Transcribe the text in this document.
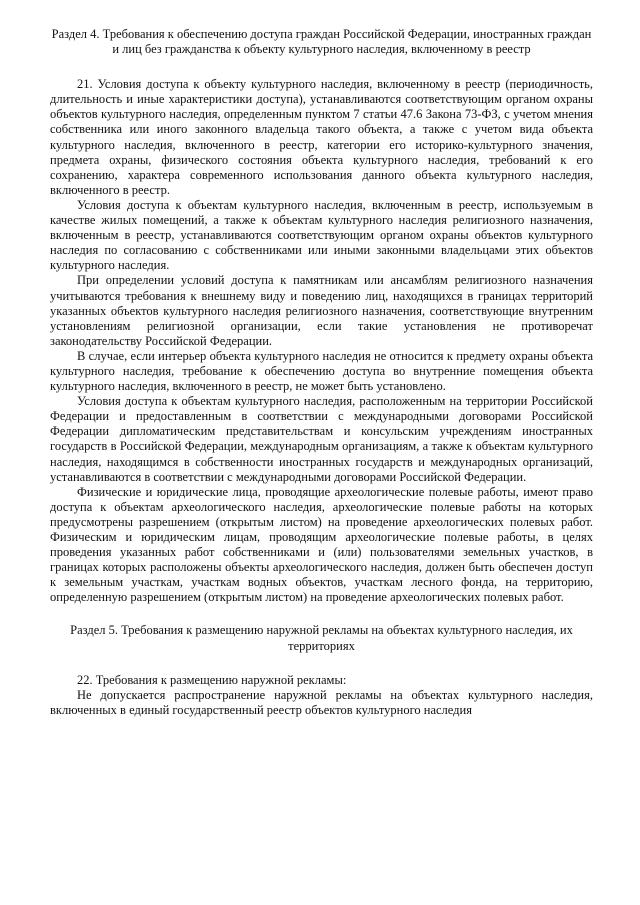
Раздел 4. Требования к обеспечению доступа граждан Российской Федерации, иностранных граждан и лиц без гражданства к объекту культурного наследия, включенному в реестр

21. Условия доступа к объекту культурного наследия, включенному в реестр (периодичность, длительность и иные характеристики доступа), устанавливаются соответствующим органом охраны объектов культурного наследия, определенным пунктом 7 статьи 47.6 Закона 73-ФЗ, с учетом мнения собственника или иного законного владельца такого объекта, а также с учетом вида объекта культурного наследия, включенного в реестр, категории его историко-культурного значения, предмета охраны, физического состояния объекта культурного наследия, требований к его сохранению, характера современного использования данного объекта культурного наследия, включенного в реестр.

Условия доступа к объектам культурного наследия, включенным в реестр, используемым в качестве жилых помещений, а также к объектам культурного наследия религиозного назначения, включенным в реестр, устанавливаются соответствующим органом охраны объектов культурного наследия по согласованию с собственниками или иными законными владельцами этих объектов культурного наследия.

При определении условий доступа к памятникам или ансамблям религиозного назначения учитываются требования к внешнему виду и поведению лиц, находящихся в границах территорий указанных объектов культурного наследия религиозного назначения, соответствующие внутренним установлениям религиозной организации, если такие установления не противоречат законодательству Российской Федерации.

В случае, если интерьер объекта культурного наследия не относится к предмету охраны объекта культурного наследия, требование к обеспечению доступа во внутренние помещения объекта культурного наследия, включенного в реестр, не может быть установлено.

Условия доступа к объектам культурного наследия, расположенным на территории Российской Федерации и предоставленным в соответствии с международными договорами Российской Федерации дипломатическим представительствам и консульским учреждениям иностранных государств в Российской Федерации, международным организациям, а также к объектам культурного наследия, находящимся в собственности иностранных государств и международных организаций, устанавливаются в соответствии с международными договорами Российской Федерации.

Физические и юридические лица, проводящие археологические полевые работы, имеют право доступа к объектам археологического наследия, археологические полевые работы на которых предусмотрены разрешением (открытым листом) на проведение археологических полевых работ. Физическим и юридическим лицам, проводящим археологические полевые работы, в целях проведения указанных работ собственниками и (или) пользователями земельных участков, в границах которых расположены объекты археологического наследия, должен быть обеспечен доступ к земельным участкам, участкам водных объектов, участкам лесного фонда, на территорию, определенную разрешением (открытым листом) на проведение археологических полевых работ.

Раздел 5. Требования к размещению наружной рекламы на объектах культурного наследия, их территориях

22. Требования к размещению наружной рекламы:

Не допускается распространение наружной рекламы на объектах культурного наследия, включенных в единый государственный реестр объектов культурного наследия
